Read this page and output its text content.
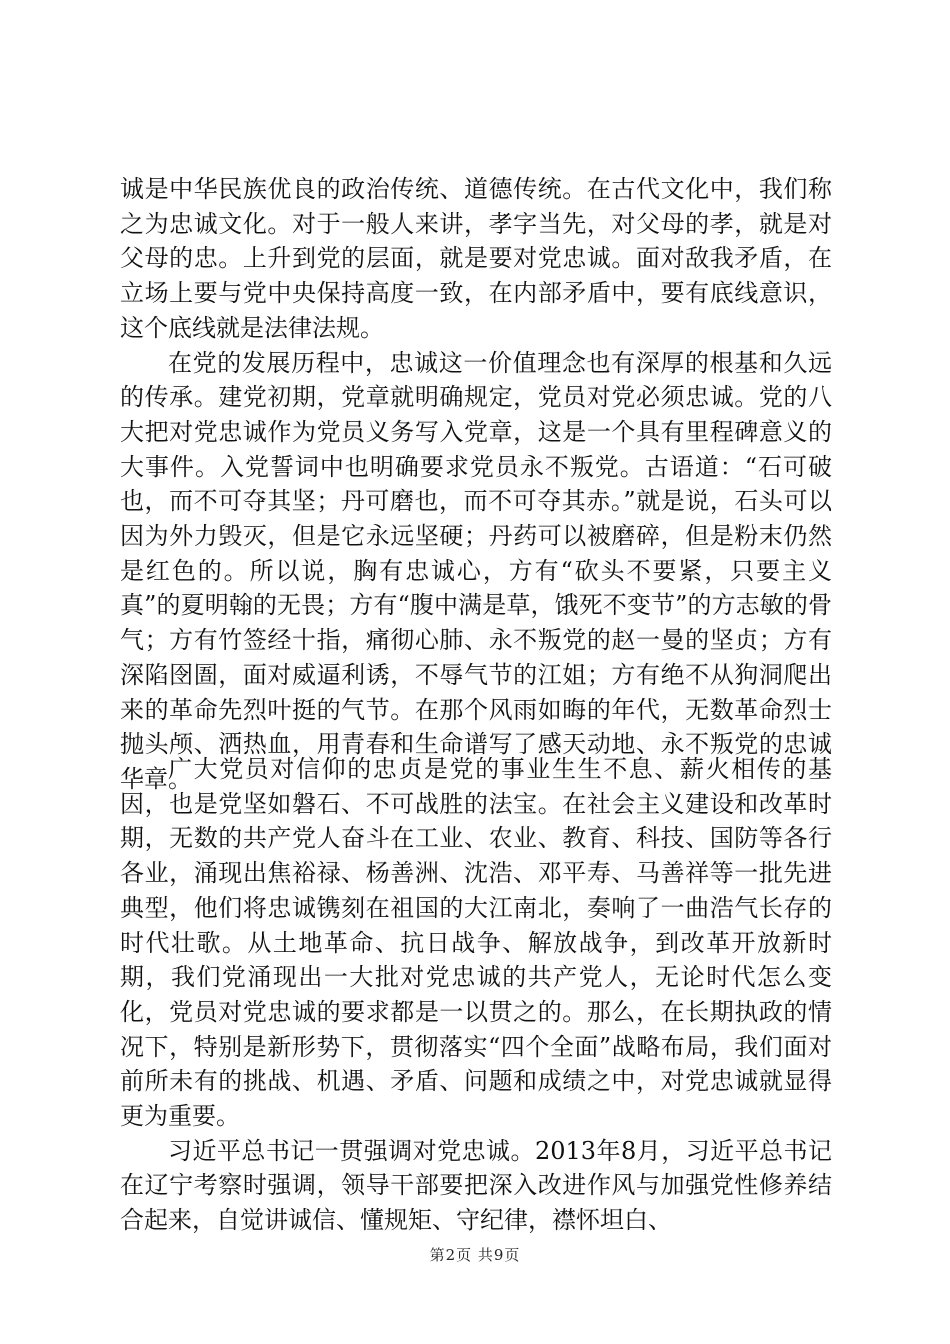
诚是中华民族优良的政治传统、道德传统。在古代文化中，我们称之为忠诚文化。对于一般人来讲，孝字当先，对父母的孝，就是对父母的忠。上升到党的层面，就是要对党忠诚。面对敌我矛盾，在立场上要与党中央保持高度一致，在内部矛盾中，要有底线意识，这个底线就是法律法规。

在党的发展历程中，忠诚这一价值理念也有深厚的根基和久远的传承。建党初期，党章就明确规定，党员对党必须忠诚。党的八大把对党忠诚作为党员义务写入党章，这是一个具有里程碑意义的大事件。入党誓词中也明确要求党员永不叛党。古语道：“石可破也，而不可夺其坚；丹可磨也，而不可夺其赤。”就是说，石头可以因为外力毁灭，但是它永远坚硬；丹药可以被磨碎，但是粉末仍然是红色的。所以说，胸有忠诚心，方有“砍头不要紧，只要主义真”的夏明翰的无畏；方有“腹中满是草，饿死不变节”的方志敏的骨气；方有竹签经十指，痛彻心肺、永不叛党的赵一曼的坚贞；方有深陷囹圄，面对威逼利诱，不辱气节的江姐；方有绝不从狗洞爬出来的革命先烈叶挺的气节。在那个风雨如晦的年代，无数革命烈士抛头颅、洒热血，用青春和生命谱写了感天动地、永不叛党的忠诚华章。

广大党员对信仰的忠贞是党的事业生生不息、薪火相传的基因，也是党坚如磐石、不可战胜的法宝。在社会主义建设和改革时期，无数的共产党人奋斗在工业、农业、教育、科技、国防等各行各业，涌现出焦裕禄、杨善洲、沈浩、邓平寿、马善祥等一批先进典型，他们将忠诚镌刻在祖国的大江南北，奏响了一曲浩气长存的时代壮歌。从土地革命、抗日战争、解放战争，到改革开放新时期，我们党涌现出一大批对党忠诚的共产党人，无论时代怎么变化，党员对党忠诚的要求都是一以贯之的。那么，在长期执政的情况下，特别是新形势下，贯彻落实“四个全面”战略布局，我们面对前所未有的挑战、机遇、矛盾、问题和成绩之中，对党忠诚就显得更为重要。

习近平总书记一贯强调对党忠诚。2013年8月，习近平总书记在辽宁考察时强调，领导干部要把深入改进作风与加强党性修养结合起来，自觉讲诚信、懂规矩、守纪律，襟怀坦白、

第2页 共9页
